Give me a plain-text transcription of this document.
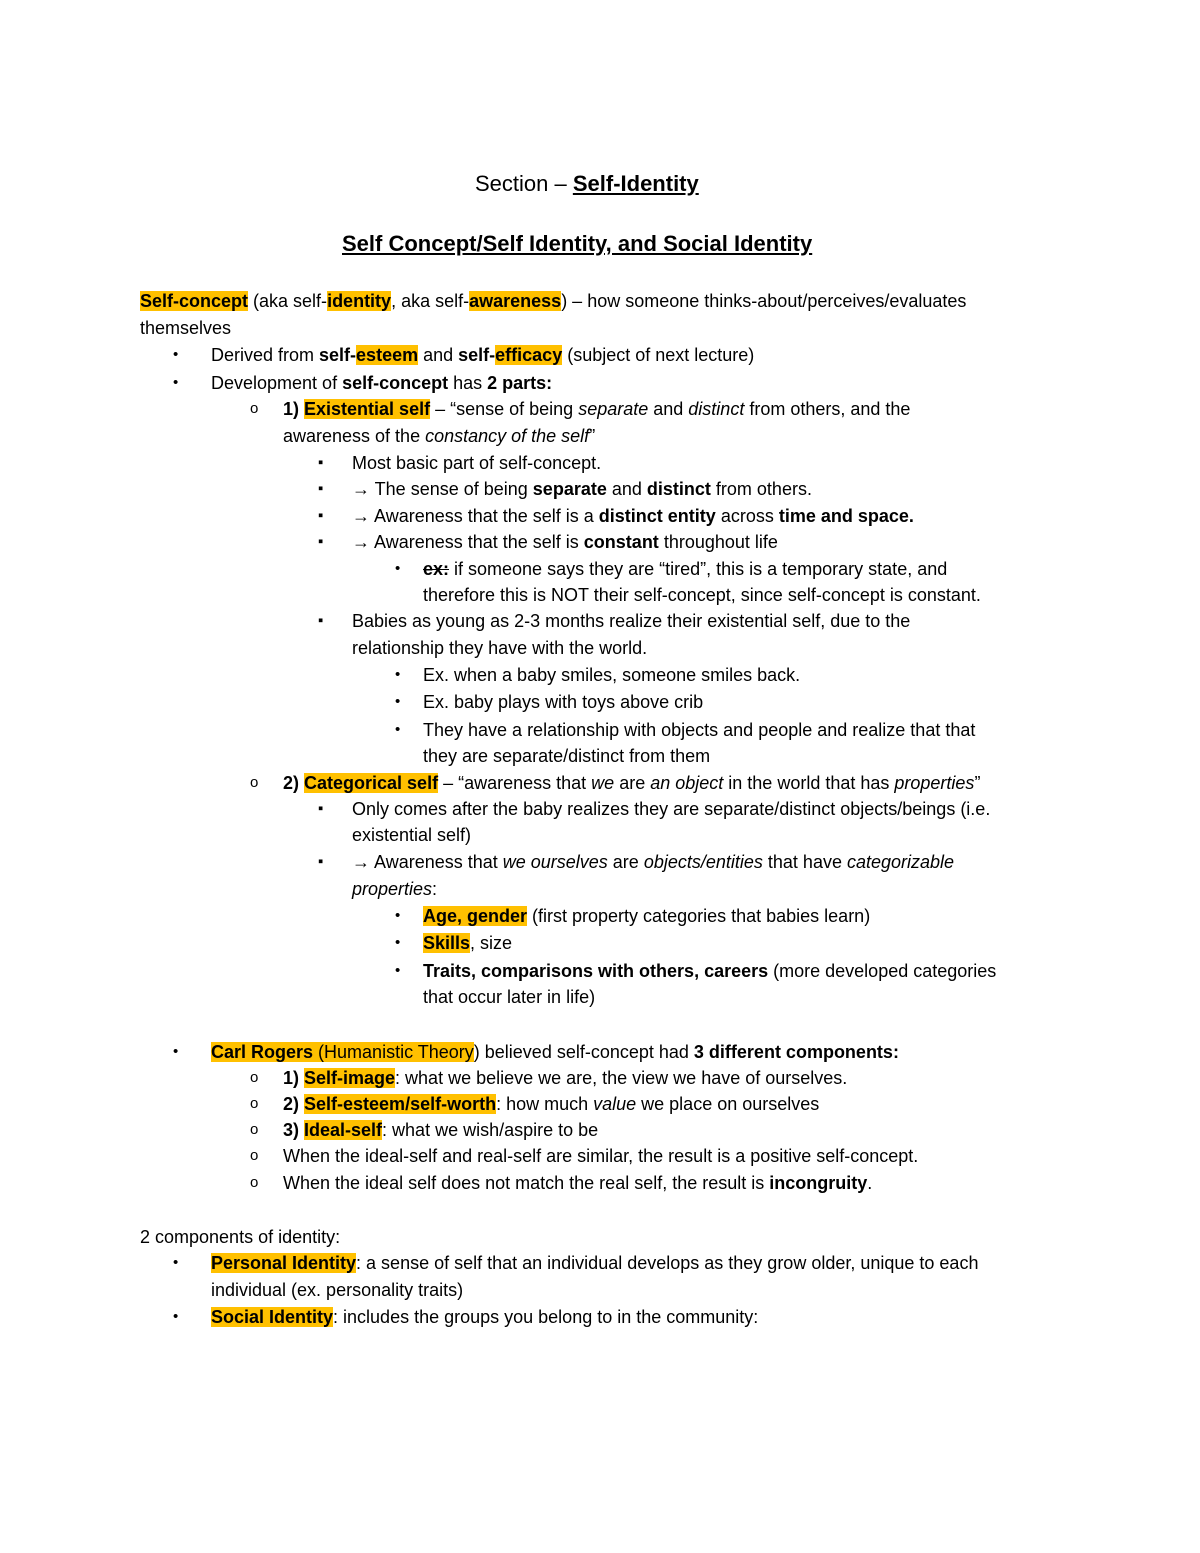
Section – Self-Identity
Self Concept/Self Identity, and Social Identity
Self-concept (aka self-identity, aka self-awareness) – how someone thinks-about/perceives/evaluates
themselves
• Derived from self-esteem and self-efficacy (subject of next lecture)
• Development of self-concept has 2 parts:
o 1) Existential self – “sense of being separate and distinct from others, and the
awareness of the constancy of the self”
▪ Most basic part of self-concept.
▪ → The sense of being separate and distinct from others.
▪ → Awareness that the self is a distinct entity across time and space.
▪ → Awareness that the self is constant throughout life
• ex: if someone says they are “tired”, this is a temporary state, and
therefore this is NOT their self-concept, since self-concept is constant.
▪ Babies as young as 2-3 months realize their existential self, due to the
relationship they have with the world.
• Ex. when a baby smiles, someone smiles back.
• Ex. baby plays with toys above crib
• They have a relationship with objects and people and realize that that
they are separate/distinct from them
o 2) Categorical self – “awareness that we are an object in the world that has properties”
▪ Only comes after the baby realizes they are separate/distinct objects/beings (i.e.
existential self)
▪ → Awareness that we ourselves are objects/entities that have categorizable
properties:
• Age, gender (first property categories that babies learn)
• Skills, size
• Traits, comparisons with others, careers (more developed categories
that occur later in life)
• Carl Rogers (Humanistic Theory) believed self-concept had 3 different components:
o 1) Self-image: what we believe we are, the view we have of ourselves.
o 2) Self-esteem/self-worth: how much value we place on ourselves
o 3) Ideal-self: what we wish/aspire to be
o When the ideal-self and real-self are similar, the result is a positive self-concept.
o When the ideal self does not match the real self, the result is incongruity.
2 components of identity:
• Personal Identity: a sense of self that an individual develops as they grow older, unique to each
individual (ex. personality traits)
• Social Identity: includes the groups you belong to in the community:
